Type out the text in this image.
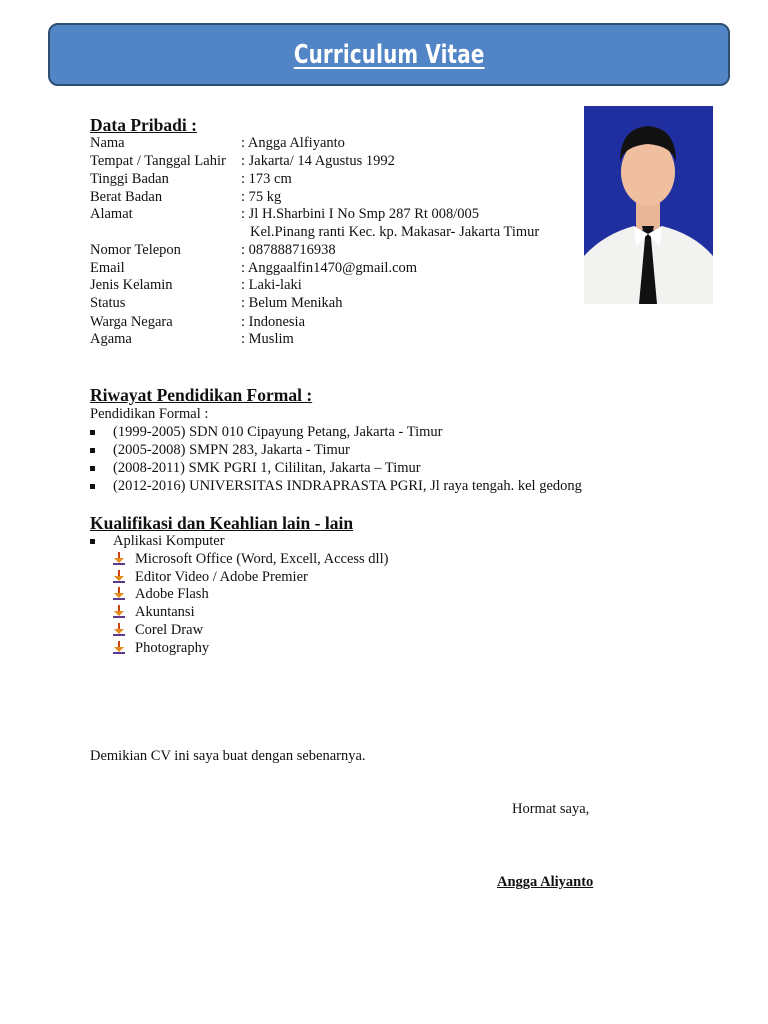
Curriculum Vitae
Data Pribadi :
Nama	: Angga Alfiyanto
Tempat / Tanggal Lahir : Jakarta/ 14 Agustus 1992
Tinggi Badan	: 173 cm
Berat Badan	: 75 kg
Alamat	: Jl H.Sharbini I No Smp 287 Rt 008/005
Kel.Pinang ranti Kec. kp. Makasar- Jakarta Timur
Nomor Telepon	: 087888716938
Email	: Anggaalfin1470@gmail.com
Jenis Kelamin	: Laki-laki
Status	: Belum Menikah
Warga Negara	: Indonesia
Agama	: Muslim
Riwayat Pendidikan Formal :
Pendidikan Formal :
(1999-2005) SDN 010 Cipayung Petang, Jakarta - Timur
(2005-2008) SMPN 283, Jakarta - Timur
(2008-2011) SMK PGRI 1, Cililitan, Jakarta – Timur
(2012-2016) UNIVERSITAS INDRAPRASTA PGRI, Jl raya tengah. kel gedong
Kualifikasi dan Keahlian lain - lain
Aplikasi Komputer
Microsoft Office (Word, Excell, Access dll)
Editor Video / Adobe Premier
Adobe Flash
Akuntansi
Corel Draw
Photography
Demikian CV ini saya buat dengan sebenarnya.
Hormat saya,
Angga Aliyanto
